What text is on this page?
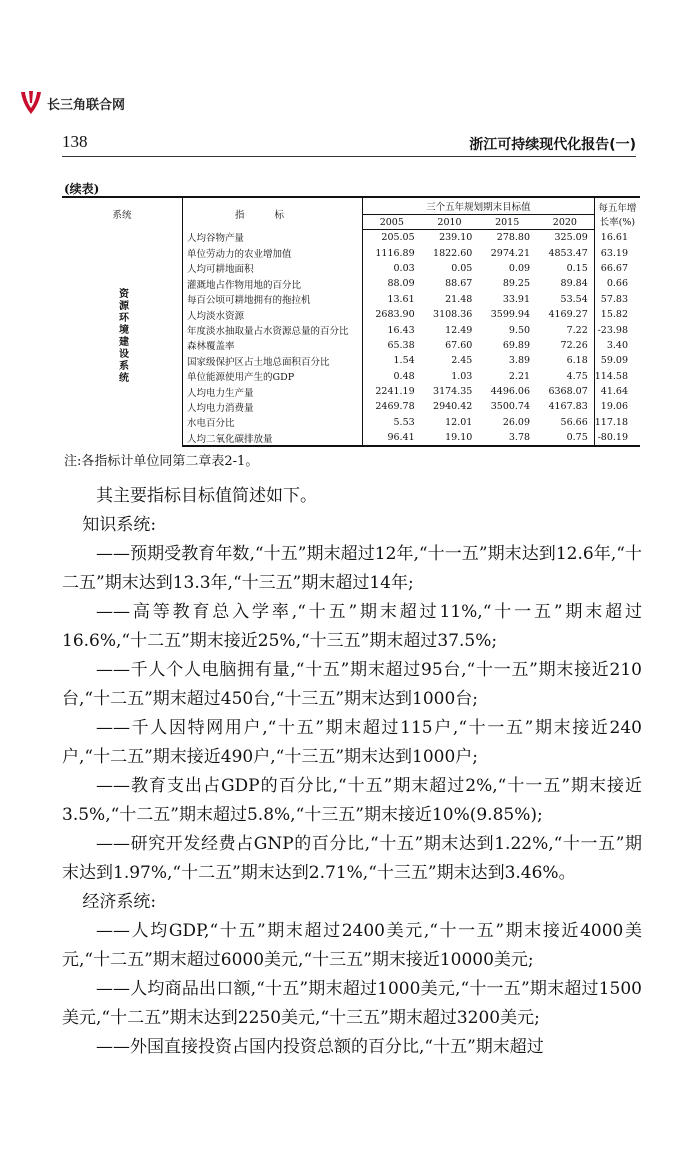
长三角联合网
138	浙江可持续现代化报告(一)
(续表)
系统	指标	三个五年规划期末目标值				每五年增长率(%)
		2005	2010	2015	2020	
资源环境建设系统	人均谷物产量	205.05	239.10	278.80	325.09	16.61
	单位劳动力的农业增加值	1116.89	1822.60	2974.21	4853.47	63.19
	人均可耕地面积	0.03	0.05	0.09	0.15	66.67
	灌溉地占作物用地的百分比	88.09	88.67	89.25	89.84	0.66
	每百公顷可耕地拥有的拖拉机	13.61	21.48	33.91	53.54	57.83
	人均淡水资源	2683.90	3108.36	3599.94	4169.27	15.82
	年度淡水抽取量占水资源总量的百分比	16.43	12.49	9.50	7.22	-23.98
	森林覆盖率	65.38	67.60	69.89	72.26	3.40
	国家级保护区占土地总面积百分比	1.54	2.45	3.89	6.18	59.09
	单位能源使用产生的GDP	0.48	1.03	2.21	4.75	114.58
	人均电力生产量	2241.19	3174.35	4496.06	6368.07	41.64
	人均电力消费量	2469.78	2940.42	3500.74	4167.83	19.06
	水电百分比	5.53	12.01	26.09	56.66	117.18
	人均二氧化碳排放量	96.41	19.10	3.78	0.75	-80.19
注:各指标计单位同第二章表2-1。

其主要指标目标值简述如下。

知识系统:

——预期受教育年数,“十五”期末超过12年,“十一五”期末达到12.6年,“十二五”期末达到13.3年,“十三五”期末超过14年;

——高等教育总入学率,“十五”期末超过11%,“十一五”期末超过16.6%,“十二五”期末接近25%,“十三五”期末超过37.5%;

——千人个人电脑拥有量,“十五”期末超过95台,“十一五”期末接近210台,“十二五”期末超过450台,“十三五”期末达到1000台;

——千人因特网用户,“十五”期末超过115户,“十一五”期末接近240户,“十二五”期末接近490户,“十三五”期末达到1000户;

——教育支出占GDP的百分比,“十五”期末超过2%,“十一五”期末接近3.5%,“十二五”期末超过5.8%,“十三五”期末接近10%(9.85%);

——研究开发经费占GNP的百分比,“十五”期末达到1.22%,“十一五”期末达到1.97%,“十二五”期末达到2.71%,“十三五”期末达到3.46%。

经济系统:

——人均GDP,“十五”期末超过2400美元,“十一五”期末接近4000美元,“十二五”期末超过6000美元,“十三五”期末接近10000美元;

——人均商品出口额,“十五”期末超过1000美元,“十一五”期末超过1500美元,“十二五”期末达到2250美元,“十三五”期末超过3200美元;

——外国直接投资占国内投资总额的百分比,“十五”期末超过
